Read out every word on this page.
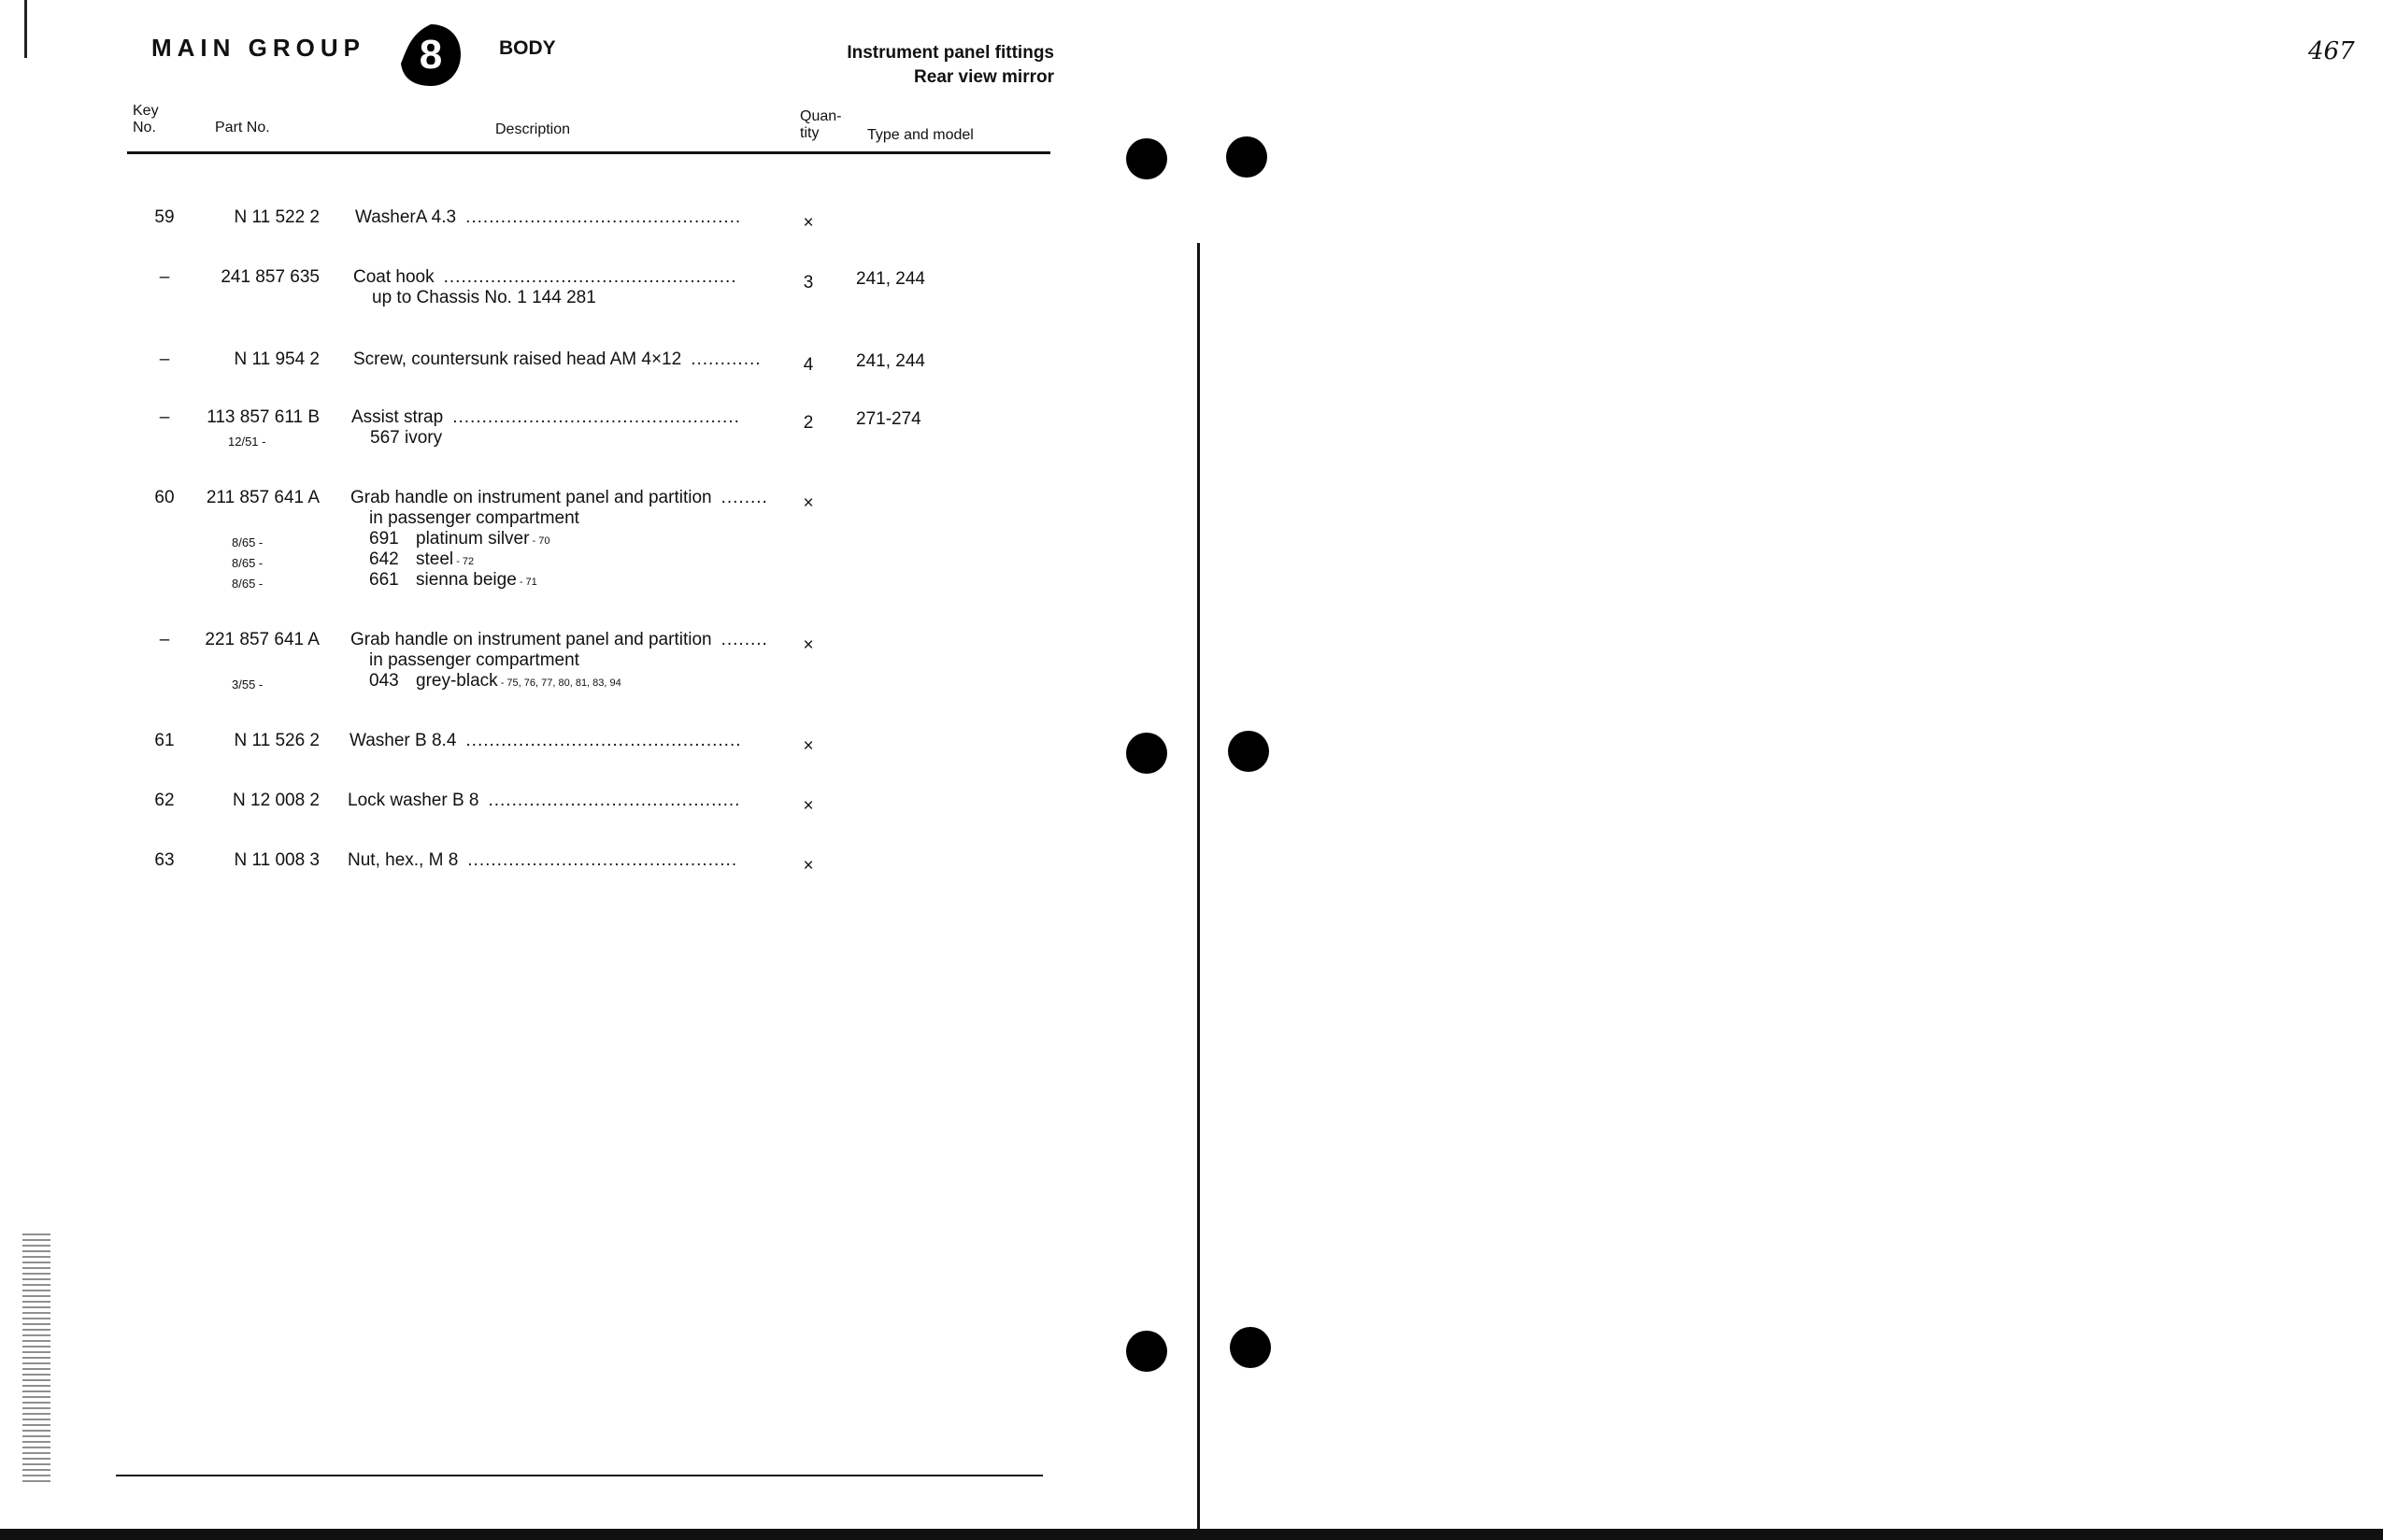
MAIN GROUP	8	BODY	Instrument panel fittings
Rear view mirror
467
Key
No.	Part No.	Description
Quan-
tity	Type and model
59	N 11 522 2 WasherA 4.3	×
...............................................
–	241 857 635 Coat hook	3	241, 244
up to Chassis No. 1 144 281
..................................................
–	N 11 954 2 Screw, countersunk raised head AM 4×12	4	241, 244
............
–	113 857 611 B Assist strap	2	271-274
12/51 -	567 ivory
.................................................
60	211 857 641 A Grab handle on instrument panel and partition	×
in passenger compartment
8/65 -	691 platinum silver - 70
8/65 -	642 steel - 72
8/65 -	661 sienna beige - 71
........
–	221 857 641 A Grab handle on instrument panel and partition	×
in passenger compartment
3/55 -	043 grey-black - 75, 76, 77, 80, 81, 83, 94
........
61	N 11 526 2 Washer B 8.4	×
...............................................
62	N 12 008 2 Lock washer B 8	×
...........................................
63	N 11 008 3 Nut, hex., M 8	×
..............................................
